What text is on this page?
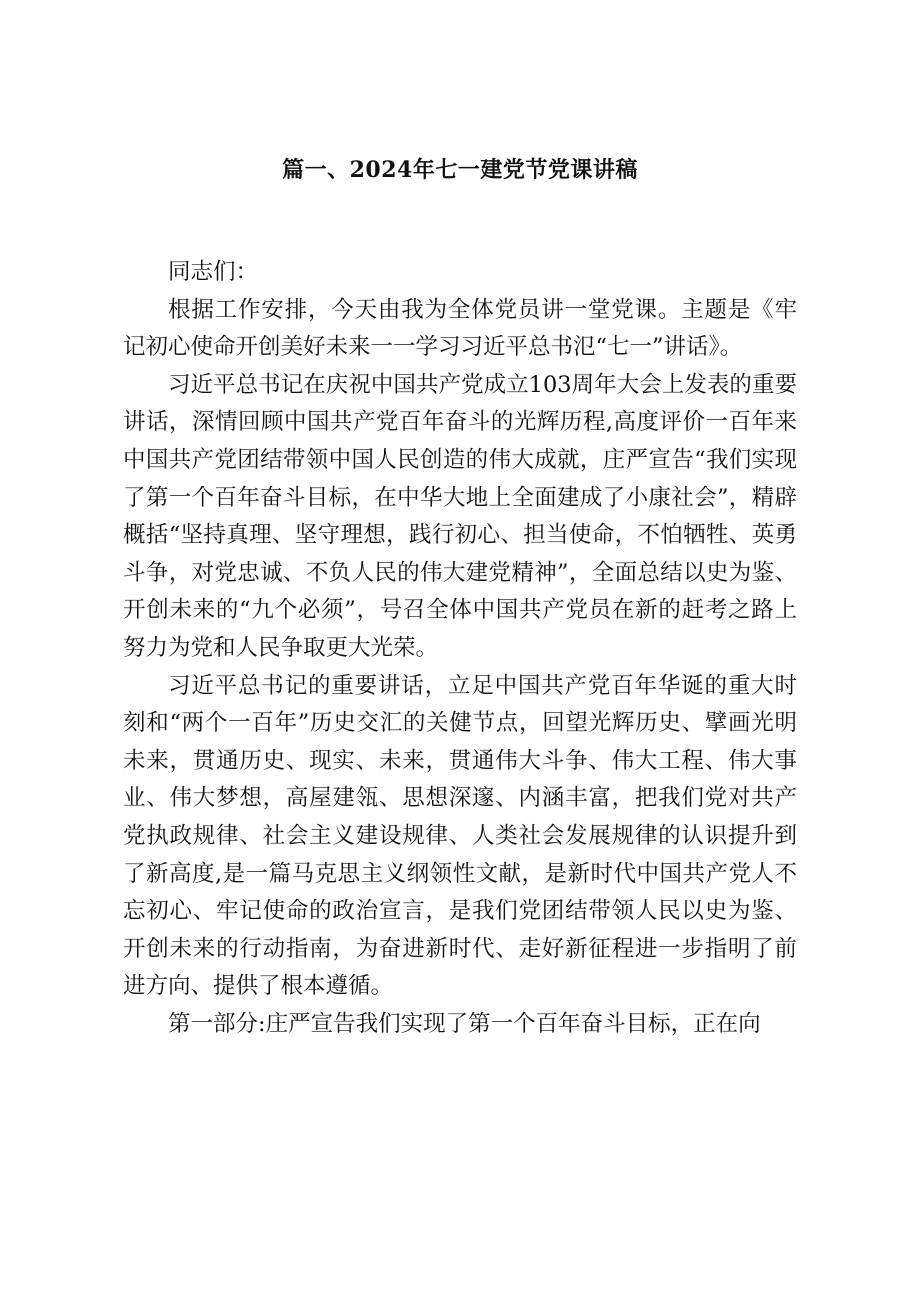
篇一、2024年七一建党节党课讲稿

同志们：

根据工作安排，今天由我为全体党员讲一堂党课。主题是《牢记初心使命开创美好未来一一学习习近平总书氾“七一”讲话》。

习近平总书记在庆祝中国共产党成立103周年大会上发表的重要讲话，深情回顾中国共产党百年奋斗的光辉历程,高度评价一百年来中国共产党团结带领中国人民创造的伟大成就，庄严宣告“我们实现了第一个百年奋斗目标，在中华大地上全面建成了小康社会”，精辟概括“坚持真理、坚守理想，践行初心、担当使命，不怕牺牲、英勇斗争，对党忠诚、不负人民的伟大建党精神”，全面总结以史为鉴、开创未来的“九个必须”，号召全体中国共产党员在新的赶考之路上努力为党和人民争取更大光荣。

习近平总书记的重要讲话，立足中国共产党百年华诞的重大时刻和“两个一百年”历史交汇的关健节点，回望光辉历史、擘画光明未来，贯通历史、现实、未来，贯通伟大斗争、伟大工程、伟大事业、伟大梦想，高屋建瓴、思想深邃、内涵丰富，把我们党对共产党执政规律、社会主义建设规律、人类社会发展规律的认识提升到了新高度,是一篇马克思主义纲领性文献，是新时代中国共产党人不忘初心、牢记使命的政治宣言，是我们党团结带领人民以史为鉴、开创未来的行动指南，为奋进新时代、走好新征程进一步指明了前进方向、提供了根本遵循。

第一部分:庄严宣告我们实现了第一个百年奋斗目标，正在向
